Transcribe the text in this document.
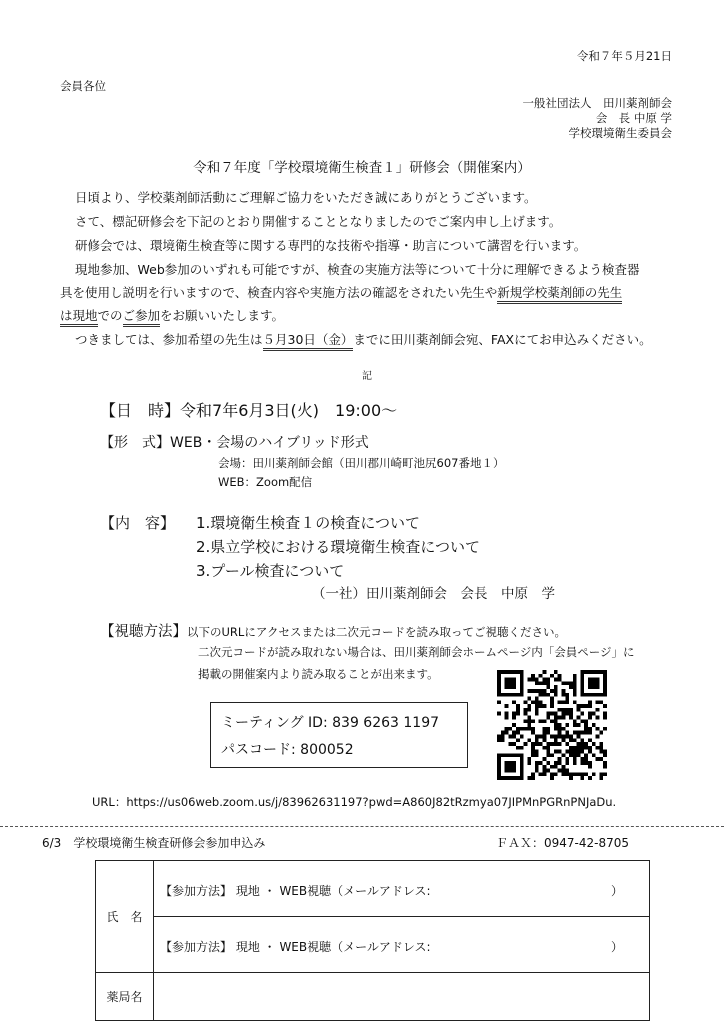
令和７年５月21日
会員各位
一般社団法人　田川薬剤師会
会　長 中原 学
学校環境衛生委員会
令和７年度「学校環境衛生検査１」研修会（開催案内）
日頃より、学校薬剤師活動にご理解ご協力をいただき誠にありがとうございます。
さて、標記研修会を下記のとおり開催することとなりましたのでご案内申し上げます。
研修会では、環境衛生検査等に関する専門的な技術や指導・助言について講習を行います。
現地参加、Web参加のいずれも可能ですが、検査の実施方法等について十分に理解できるよう検査器
具を使用し説明を行いますので、検査内容や実施方法の確認をされたい先生や新規学校薬剤師の先生
は現地でのご参加をお願いいたします。
つきましては、参加希望の先生は５月30日（金）までに田川薬剤師会宛、FAXにてお申込みください。
記
【日　時】令和7年6月3日(火)　19:00〜
【形　式】WEB・会場のハイブリッド形式
会場：田川薬剤師会館（田川郡川崎町池尻607番地１）
WEB：Zoom配信
【内　容】 1.環境衛生検査１の検査について
2.県立学校における環境衛生検査について
3.プール検査について
（一社）田川薬剤師会　会長　中原　学
【視聴方法】以下のURLにアクセスまたは二次元コードを読み取ってご視聴ください。
二次元コードが読み取れない場合は、田川薬剤師会ホームページ内「会員ページ」に
掲載の開催案内より読み取ることが出来ます。
ミーティング ID: 839 6263 1197
パスコード: 800052
URL：https://us06web.zoom.us/j/83962631197?pwd=A860J82tRzmya07JIPMnPGRnPNJaDu.
6/3　学校環境衛生検査研修会参加申込み	ＦＡＸ：0947-42-8705
氏　名	【参加方法】 現地 ・ WEB視聴（メールアドレス: ）

	【参加方法】 現地 ・ WEB視聴（メールアドレス: ）

薬局名	
